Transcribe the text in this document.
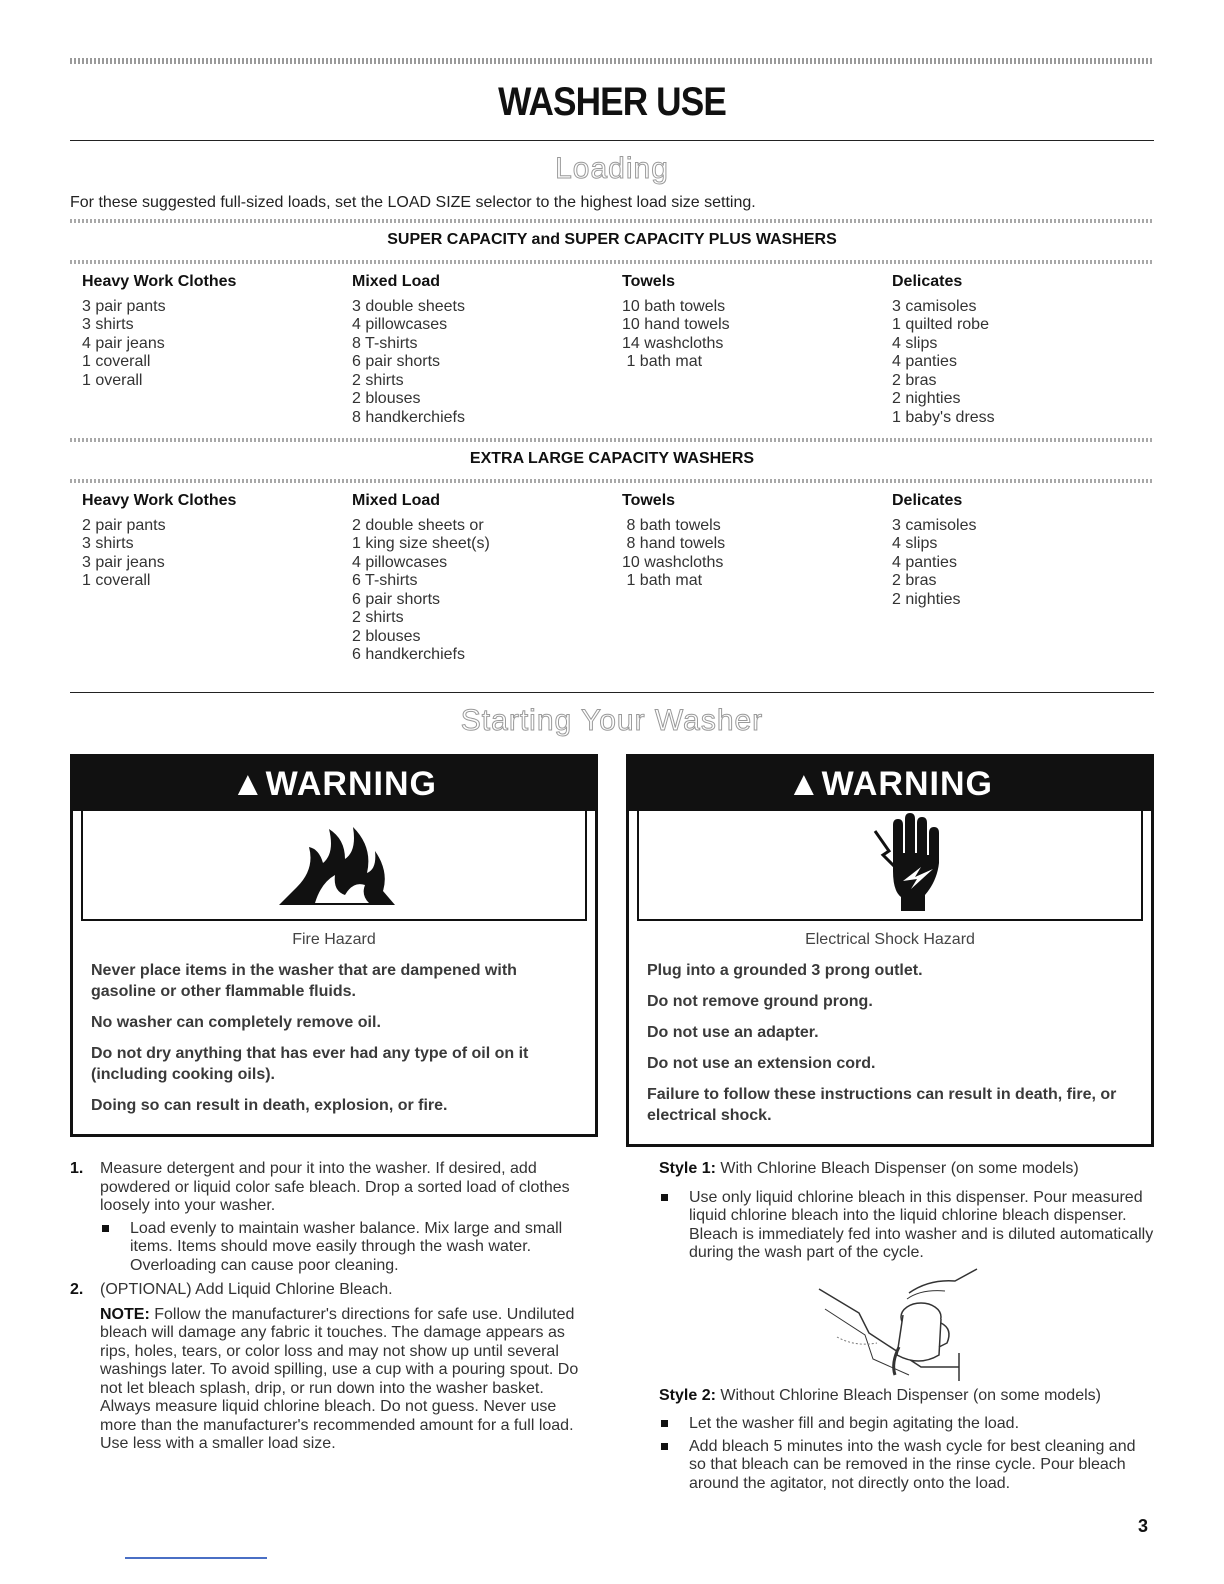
WASHER USE
Loading
For these suggested full-sized loads, set the LOAD SIZE selector to the highest load size setting.
SUPER CAPACITY and SUPER CAPACITY PLUS WASHERS
Heavy Work Clothes
3 pair pants
3 shirts
4 pair jeans
1 coverall
1 overall
Mixed Load
3 double sheets
4 pillowcases
8 T-shirts
6 pair shorts
2 shirts
2 blouses
8 handkerchiefs
Towels
10 bath towels
10 hand towels
14 washcloths
1 bath mat
Delicates
3 camisoles
1 quilted robe
4 slips
4 panties
2 bras
2 nighties
1 baby's dress
EXTRA LARGE CAPACITY WASHERS
Heavy Work Clothes
2 pair pants
3 shirts
3 pair jeans
1 coverall
Mixed Load
2 double sheets or
1 king size sheet(s)
4 pillowcases
6 T-shirts
6 pair shorts
2 shirts
2 blouses
6 handkerchiefs
Towels
8 bath towels
8 hand towels
10 washcloths
1 bath mat
Delicates
3 camisoles
4 slips
4 panties
2 bras
2 nighties
Starting Your Washer
▲WARNING
Fire Hazard

Never place items in the washer that are dampened with gasoline or other flammable fluids.

No washer can completely remove oil.

Do not dry anything that has ever had any type of oil on it (including cooking oils).

Doing so can result in death, explosion, or fire.

▲WARNING
Electrical Shock Hazard

Plug into a grounded 3 prong outlet.

Do not remove ground prong.

Do not use an adapter.

Do not use an extension cord.

Failure to follow these instructions can result in death, fire, or electrical shock.

1. Measure detergent and pour it into the washer. If desired, add powdered or liquid color safe bleach. Drop a sorted load of clothes loosely into your washer.
Load evenly to maintain washer balance. Mix large and small items. Items should move easily through the wash water. Overloading can cause poor cleaning.
2. (OPTIONAL) Add Liquid Chlorine Bleach.
NOTE: Follow the manufacturer's directions for safe use. Undiluted bleach will damage any fabric it touches. The damage appears as rips, holes, tears, or color loss and may not show up until several washings later. To avoid spilling, use a cup with a pouring spout. Do not let bleach splash, drip, or run down into the washer basket. Always measure liquid chlorine bleach. Do not guess. Never use more than the manufacturer's recommended amount for a full load. Use less with a smaller load size.
Style 1: With Chlorine Bleach Dispenser (on some models)
Use only liquid chlorine bleach in this dispenser. Pour measured liquid chlorine bleach into the liquid chlorine bleach dispenser. Bleach is immediately fed into washer and is diluted automatically during the wash part of the cycle.
Style 2: Without Chlorine Bleach Dispenser (on some models)
Let the washer fill and begin agitating the load.
Add bleach 5 minutes into the wash cycle for best cleaning and so that bleach can be removed in the rinse cycle. Pour bleach around the agitator, not directly onto the load.
3
